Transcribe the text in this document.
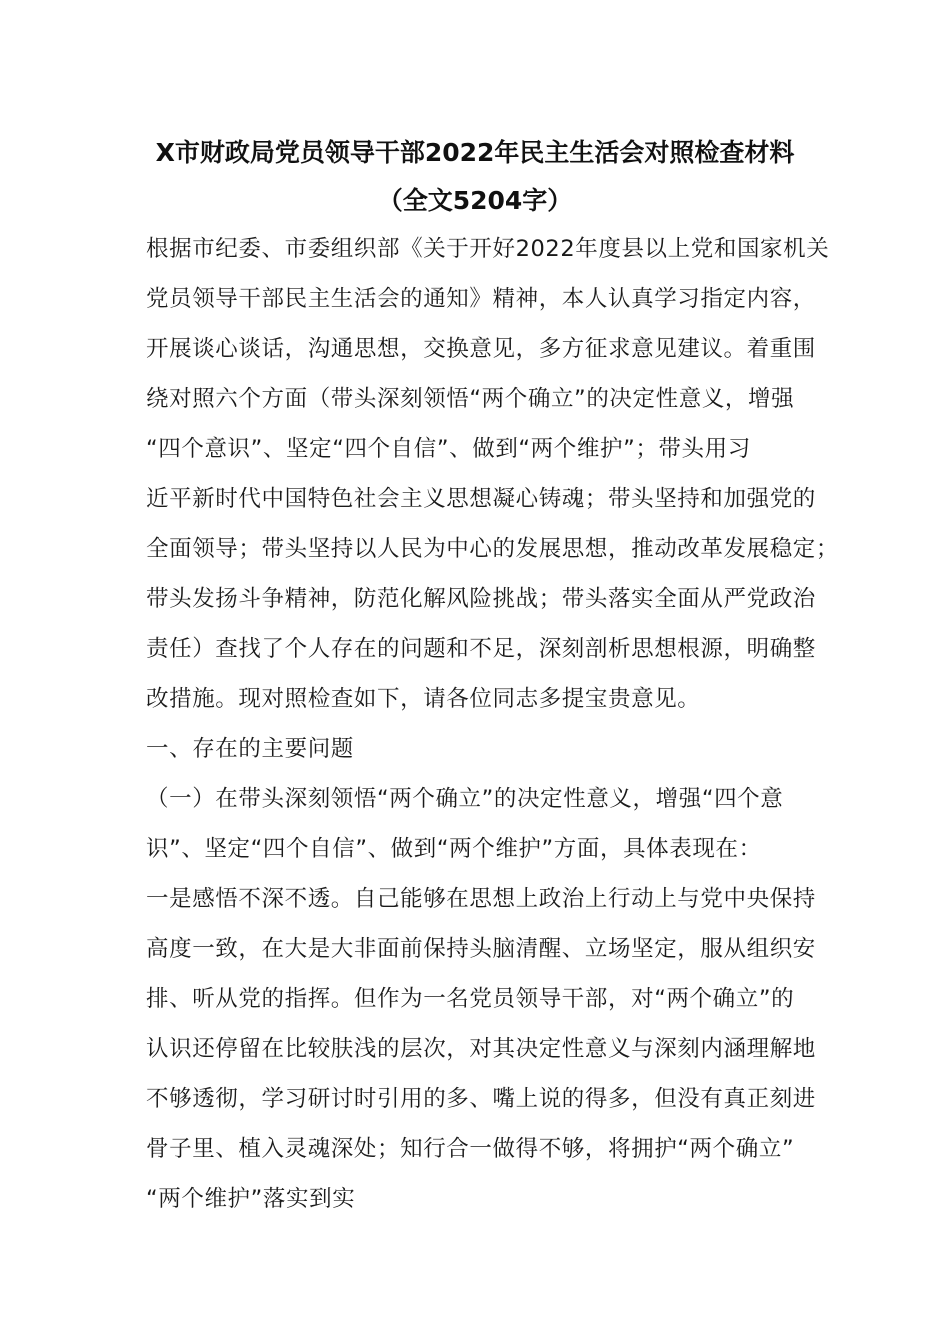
X市财政局党员领导干部2022年民主生活会对照检查材料
（全文5204字）
根据市纪委、市委组织部《关于开好2022年度县以上党和国家机关
党员领导干部民主生活会的通知》精神，本人认真学习指定内容，
开展谈心谈话，沟通思想，交换意见，多方征求意见建议。着重围
绕对照六个方面（带头深刻领悟“两个确立”的决定性意义，增强
“四个意识”、坚定“四个自信”、做到“两个维护”；带头用习
近平新时代中国特色社会主义思想凝心铸魂；带头坚持和加强党的
全面领导；带头坚持以人民为中心的发展思想，推动改革发展稳定；
带头发扬斗争精神，防范化解风险挑战；带头落实全面从严党政治
责任）查找了个人存在的问题和不足，深刻剖析思想根源，明确整
改措施。现对照检查如下，请各位同志多提宝贵意见。
一、存在的主要问题
（一）在带头深刻领悟“两个确立”的决定性意义，增强“四个意
识”、坚定“四个自信”、做到“两个维护”方面，具体表现在：
一是感悟不深不透。自己能够在思想上政治上行动上与党中央保持
高度一致，在大是大非面前保持头脑清醒、立场坚定，服从组织安
排、听从党的指挥。但作为一名党员领导干部，对“两个确立”的
认识还停留在比较肤浅的层次，对其决定性意义与深刻内涵理解地
不够透彻，学习研讨时引用的多、嘴上说的得多，但没有真正刻进
骨子里、植入灵魂深处；知行合一做得不够，将拥护“两个确立”
“两个维护”落实到实
